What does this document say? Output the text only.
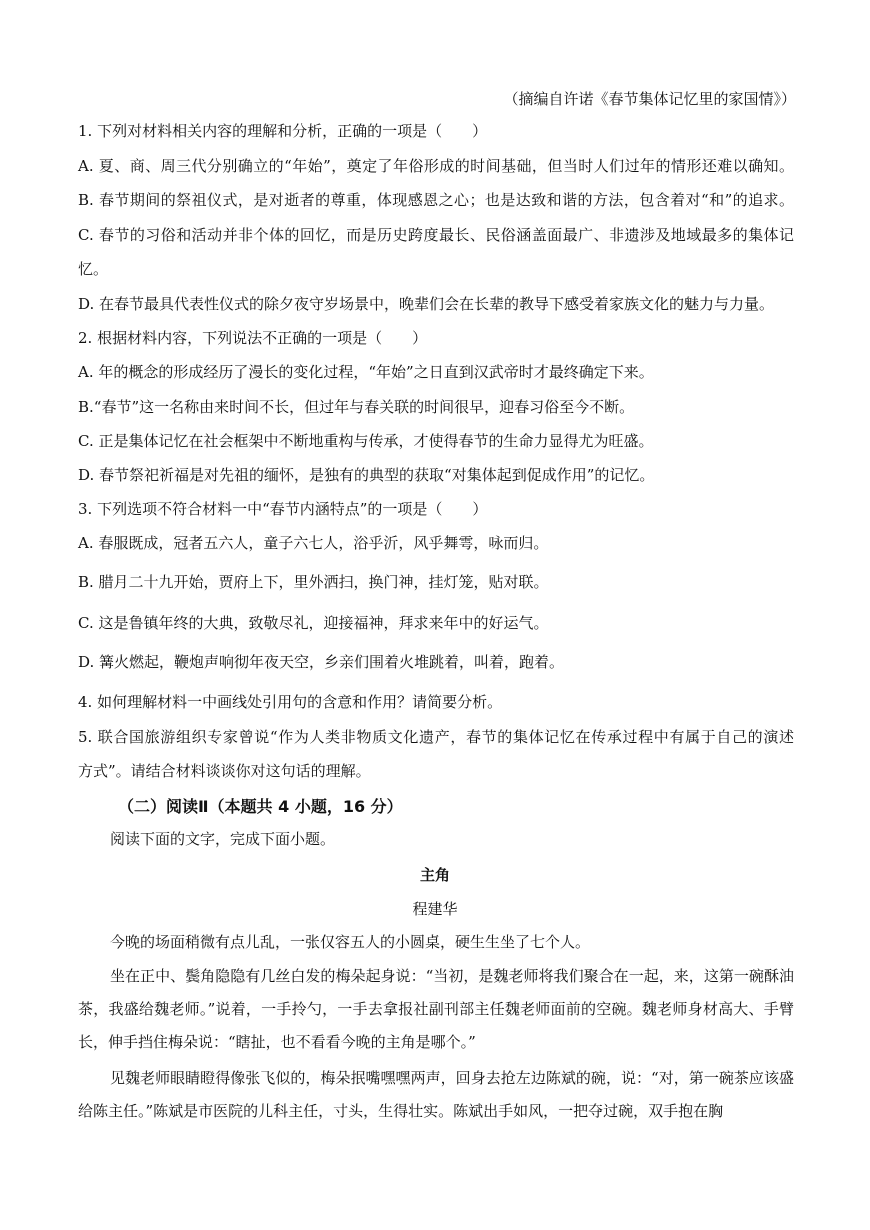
（摘编自许诺《春节集体记忆里的家国情》）
1. 下列对材料相关内容的理解和分析，正确的一项是（　　）
A. 夏、商、周三代分别确立的“年始”，奠定了年俗形成的时间基础，但当时人们过年的情形还难以确知。
B. 春节期间的祭祖仪式，是对逝者的尊重，体现感恩之心；也是达致和谐的方法，包含着对“和”的追求。
C. 春节的习俗和活动并非个体的回忆，而是历史跨度最长、民俗涵盖面最广、非遗涉及地域最多的集体记
忆。
D. 在春节最具代表性仪式的除夕夜守岁场景中，晚辈们会在长辈的教导下感受着家族文化的魅力与力量。
2. 根据材料内容，下列说法不正确的一项是（　　）
A. 年的概念的形成经历了漫长的变化过程，“年始”之日直到汉武帝时才最终确定下来。
B.“春节”这一名称由来时间不长，但过年与春关联的时间很早，迎春习俗至今不断。
C. 正是集体记忆在社会框架中不断地重构与传承，才使得春节的生命力显得尤为旺盛。
D. 春节祭祀祈福是对先祖的缅怀，是独有的典型的获取“对集体起到促成作用”的记忆。
3. 下列选项不符合材料一中“春节内涵特点”的一项是（　　）
A. 春服既成，冠者五六人，童子六七人，浴乎沂，风乎舞雩，咏而归。
B. 腊月二十九开始，贾府上下，里外洒扫，换门神，挂灯笼，贴对联。
C. 这是鲁镇年终的大典，致敬尽礼，迎接福神，拜求来年中的好运气。
D. 篝火燃起，鞭炮声响彻年夜天空，乡亲们围着火堆跳着，叫着，跑着。
4. 如何理解材料一中画线处引用句的含意和作用？请简要分析。
5. 联合国旅游组织专家曾说“作为人类非物质文化遗产，春节的集体记忆在传承过程中有属于自己的演述
方式”。请结合材料谈谈你对这句话的理解。
（二）阅读Ⅱ（本题共 4 小题，16 分）
阅读下面的文字，完成下面小题。
主角
程建华
今晚的场面稍微有点儿乱，一张仅容五人的小圆桌，硬生生坐了七个人。
坐在正中、鬓角隐隐有几丝白发的梅朵起身说：“当初，是魏老师将我们聚合在一起，来，这第一碗酥油茶，我盛给魏老师。”说着，一手拎勺，一手去拿报社副刊部主任魏老师面前的空碗。魏老师身材高大、手臂长，伸手挡住梅朵说：“瞎扯，也不看看今晚的主角是哪个。”
见魏老师眼睛瞪得像张飞似的，梅朵抿嘴嘿嘿两声，回身去抢左边陈斌的碗，说：“对，第一碗茶应该盛给陈主任。”陈斌是市医院的儿科主任，寸头，生得壮实。陈斌出手如风，一把夺过碗，双手抱在胸
